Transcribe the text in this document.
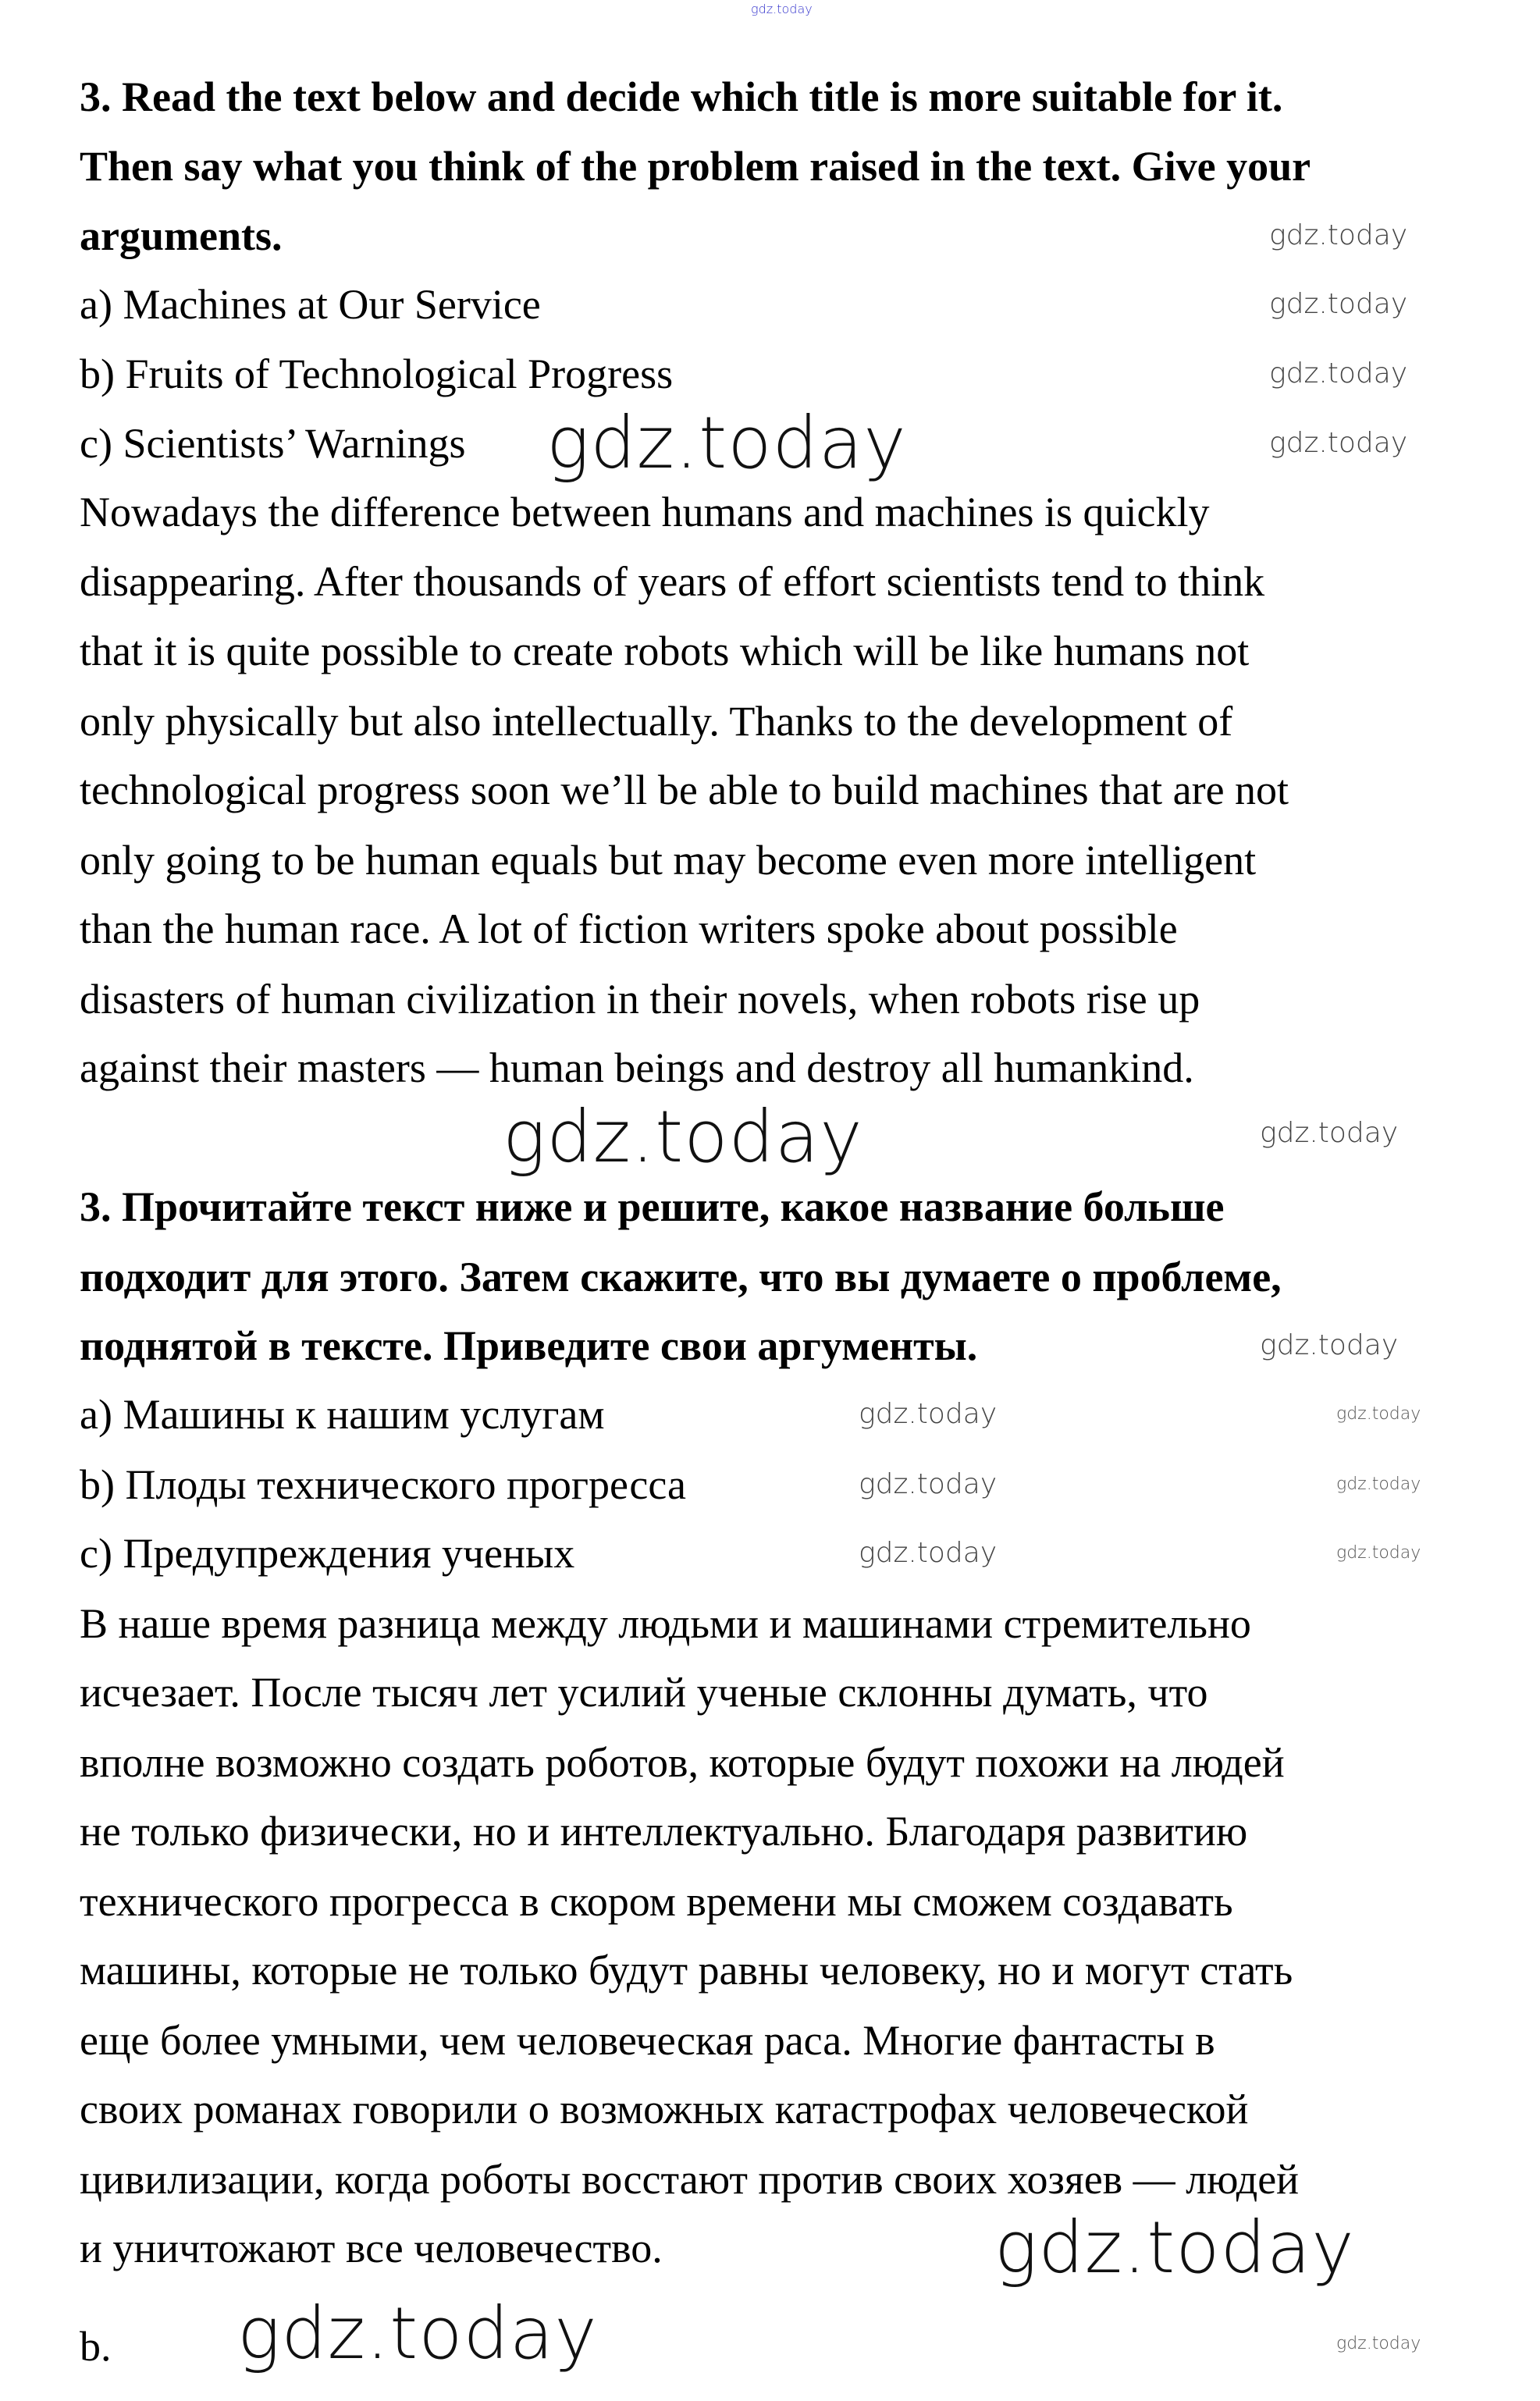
gdz.today
3. Read the text below and decide which title is more suitable for it.
Then say what you think of the problem raised in the text. Give your
arguments.
a) Machines at Our Service
b) Fruits of Technological Progress
c) Scientists’ Warnings
Nowadays the difference between humans and machines is quickly
disappearing. After thousands of years of effort scientists tend to think
that it is quite possible to create robots which will be like humans not
only physically but also intellectually. Thanks to the development of
technological progress soon we’ll be able to build machines that are not
only going to be human equals but may become even more intelligent
than the human race. A lot of fiction writers spoke about possible
disasters of human civilization in their novels, when robots rise up
against their masters — human beings and destroy all humankind.
3. Прочитайте текст ниже и решите, какое название больше
подходит для этого. Затем скажите, что вы думаете о проблеме,
поднятой в тексте. Приведите свои аргументы.
a) Машины к нашим услугам
b) Плоды технического прогресса
c) Предупреждения ученых
В наше время разница между людьми и машинами стремительно
исчезает. После тысяч лет усилий ученые склонны думать, что
вполне возможно создать роботов, которые будут похожи на людей
не только физически, но и интеллектуально. Благодаря развитию
технического прогресса в скором времени мы сможем создавать
машины, которые не только будут равны человеку, но и могут стать
еще более умными, чем человеческая раса. Многие фантасты в
своих романах говорили о возможных катастрофах человеческой
цивилизации, когда роботы восстают против своих хозяев — людей
и уничтожают все человечество.
b.
gdz.today
gdz.today
gdz.today
gdz.today	gdz.today
gdz.today	gdz.today
gdz.today
gdz.today	gdz.today
gdz.today	gdz.today
gdz.today	gdz.today
gdz.today
gdz.today	gdz.today
